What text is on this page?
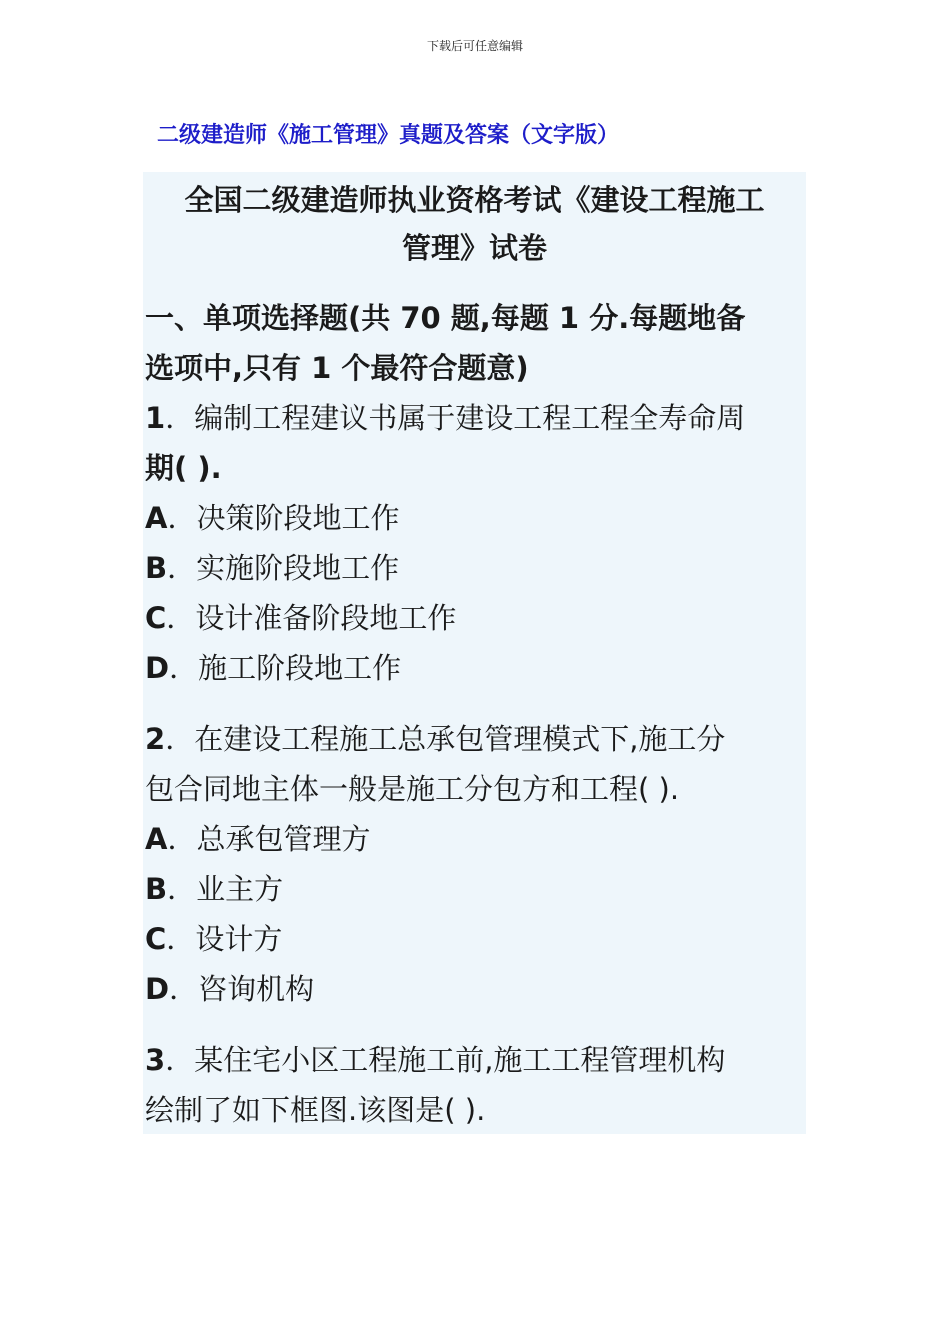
下载后可任意编辑
二级建造师《施工管理》真题及答案（文字版）
全国二级建造师执业资格考试《建设工程施工
管理》试卷
一、单项选择题(共 70 题,每题 1 分.每题地备
选项中,只有 1 个最符合题意)
1．编制工程建议书属于建设工程工程全寿命周
期( ).
A．决策阶段地工作
B．实施阶段地工作
C．设计准备阶段地工作
D．施工阶段地工作
2．在建设工程施工总承包管理模式下,施工分
包合同地主体一般是施工分包方和工程( ).
A．总承包管理方
B．业主方
C．设计方
D．咨询机构
3．某住宅小区工程施工前,施工工程管理机构
绘制了如下框图.该图是( ).
